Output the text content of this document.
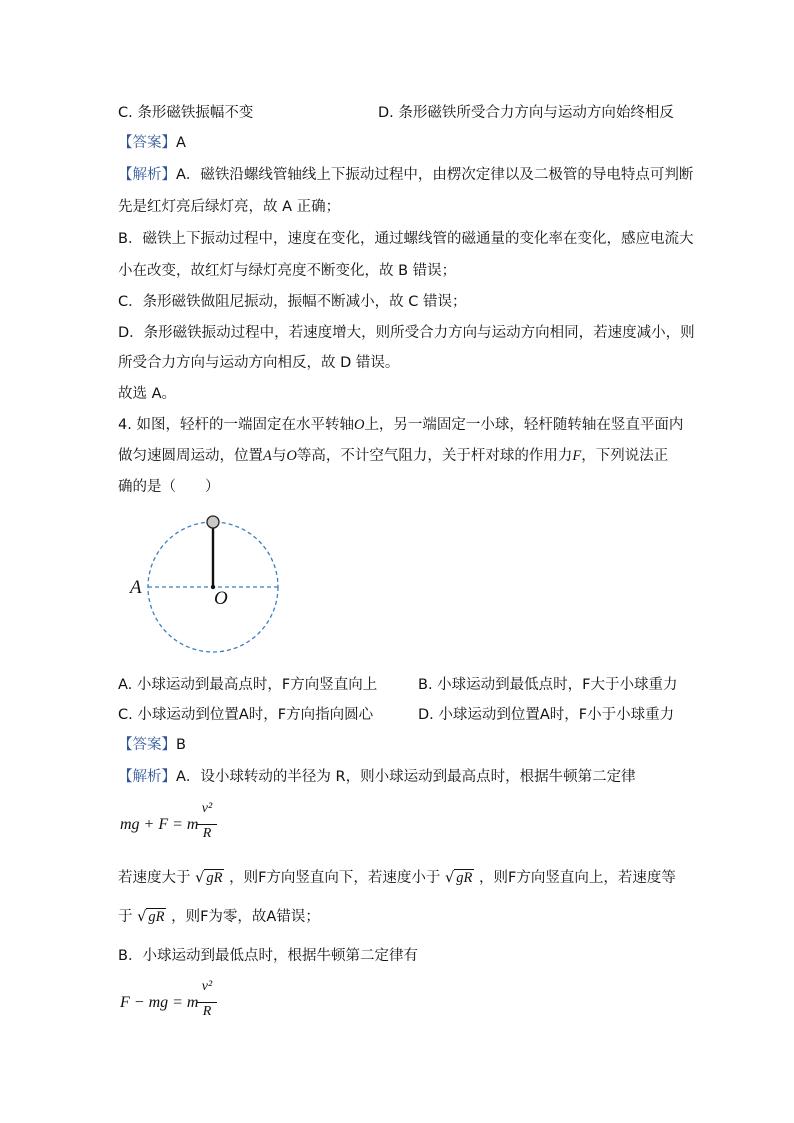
C. 条形磁铁振幅不变	D. 条形磁铁所受合力方向与运动方向始终相反
【答案】A
【解析】A．磁铁沿螺线管轴线上下振动过程中，由楞次定律以及二极管的导电特点可判断
先是红灯亮后绿灯亮，故 A 正确；
B．磁铁上下振动过程中，速度在变化，通过螺线管的磁通量的变化率在变化，感应电流大
小在改变，故红灯与绿灯亮度不断变化，故 B 错误；
C．条形磁铁做阻尼振动，振幅不断减小，故 C 错误；
D．条形磁铁振动过程中，若速度增大，则所受合力方向与运动方向相同，若速度减小，则
所受合力方向与运动方向相反，故 D 错误。
故选 A。
4. 如图，轻杆的一端固定在水平转轴O上，另一端固定一小球，轻杆随转轴在竖直平面内
做匀速圆周运动，位置A与O等高，不计空气阻力，关于杆对球的作用力F，下列说法正
确的是（　　）
A
O
A. 小球运动到最高点时，F方向竖直向上	B. 小球运动到最低点时，F大于小球重力
C. 小球运动到位置A时，F方向指向圆心	D. 小球运动到位置A时，F小于小球重力
【答案】B
【解析】A．设小球转动的半径为 R，则小球运动到最高点时，根据牛顿第二定律
mg + F = m
v²
R
若速度大于 √ gR ，则F方向竖直向下，若速度小于 √ gR ，则F方向竖直向上，若速度等
于 √ gR ，则F为零，故A错误；
B．小球运动到最低点时，根据牛顿第二定律有
F − mg = m
v²
R
